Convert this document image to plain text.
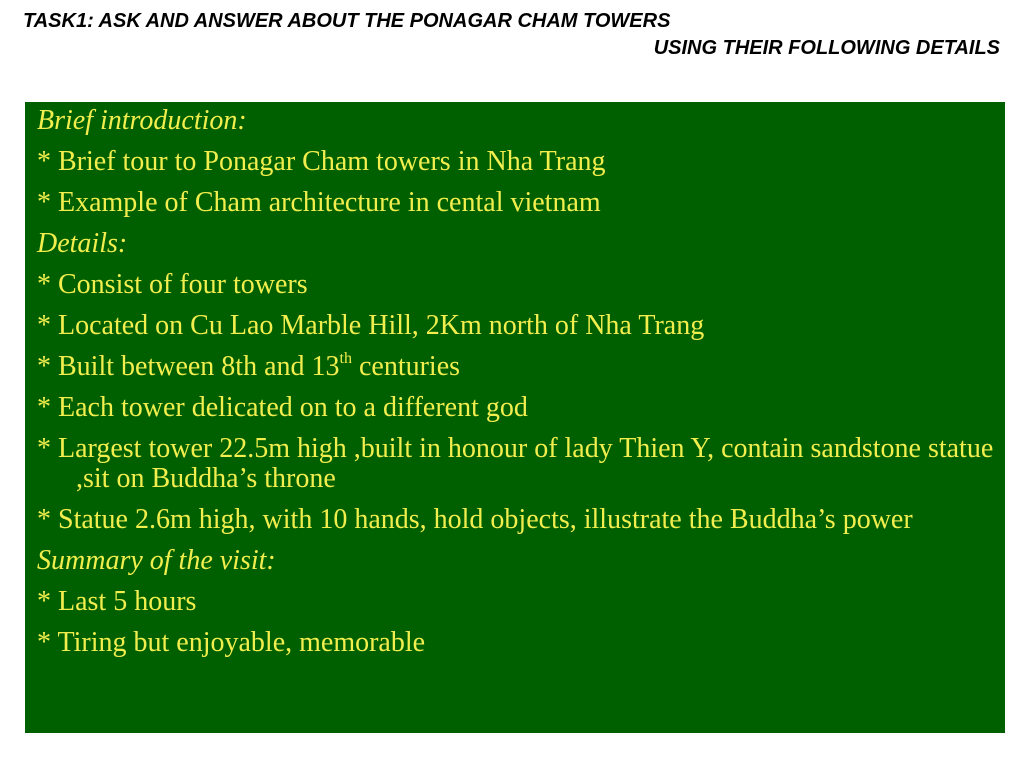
TASK1: ASK AND ANSWER ABOUT THE PONAGAR CHAM TOWERS
USING THEIR FOLLOWING DETAILS

Brief introduction:

* Brief tour to Ponagar Cham towers in Nha Trang

* Example of Cham architecture in cental vietnam

Details:

* Consist of four towers

* Located on Cu Lao Marble Hill, 2Km north of Nha Trang

* Built between 8th and 13th centuries

* Each tower delicated on to a different god

* Largest tower 22.5m high ,built in honour of lady Thien Y, contain sandstone statue ,sit on Buddha’s throne

* Statue 2.6m high, with 10 hands, hold objects, illustrate the Buddha’s power

Summary of the visit:

* Last 5 hours

* Tiring but enjoyable, memorable
